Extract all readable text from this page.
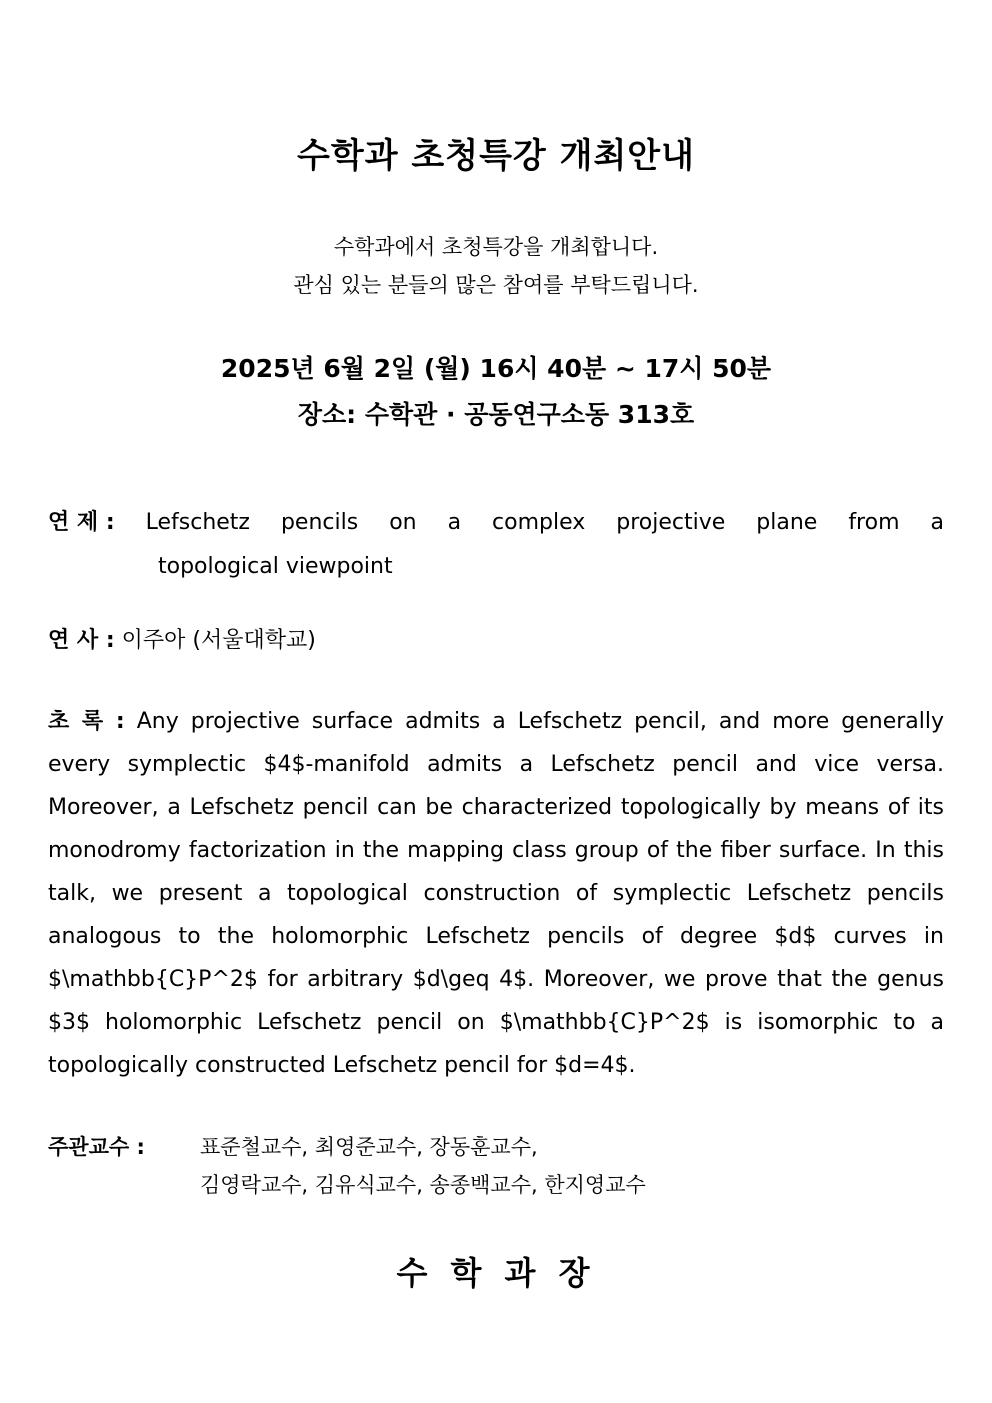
수학과 초청특강 개최안내
수학과에서 초청특강을 개최합니다.
관심 있는 분들의 많은 참여를 부탁드립니다.
2025년 6월 2일 (월) 16시 40분 ~ 17시 50분
장소: 수학관 · 공동연구소동 313호
연 제 : Lefschetz pencils on a complex projective plane from a
topological viewpoint
연 사 : 이주아 (서울대학교)
초 록 : Any projective surface admits a Lefschetz pencil, and more generally every symplectic $4$-manifold admits a Lefschetz pencil and vice versa. Moreover, a Lefschetz pencil can be characterized topologically by means of its monodromy factorization in the mapping class group of the fiber surface. In this talk, we present a topological construction of symplectic Lefschetz pencils analogous to the holomorphic Lefschetz pencils of degree $d$ curves in $\mathbb{C}P^2$ for arbitrary $d\geq 4$. Moreover, we prove that the genus $3$ holomorphic Lefschetz pencil on $\mathbb{C}P^2$ is isomorphic to a topologically constructed Lefschetz pencil for $d=4$.
주관교수 :	표준철교수, 최영준교수, 장동훈교수,
김영락교수, 김유식교수, 송종백교수, 한지영교수
수 학 과 장
